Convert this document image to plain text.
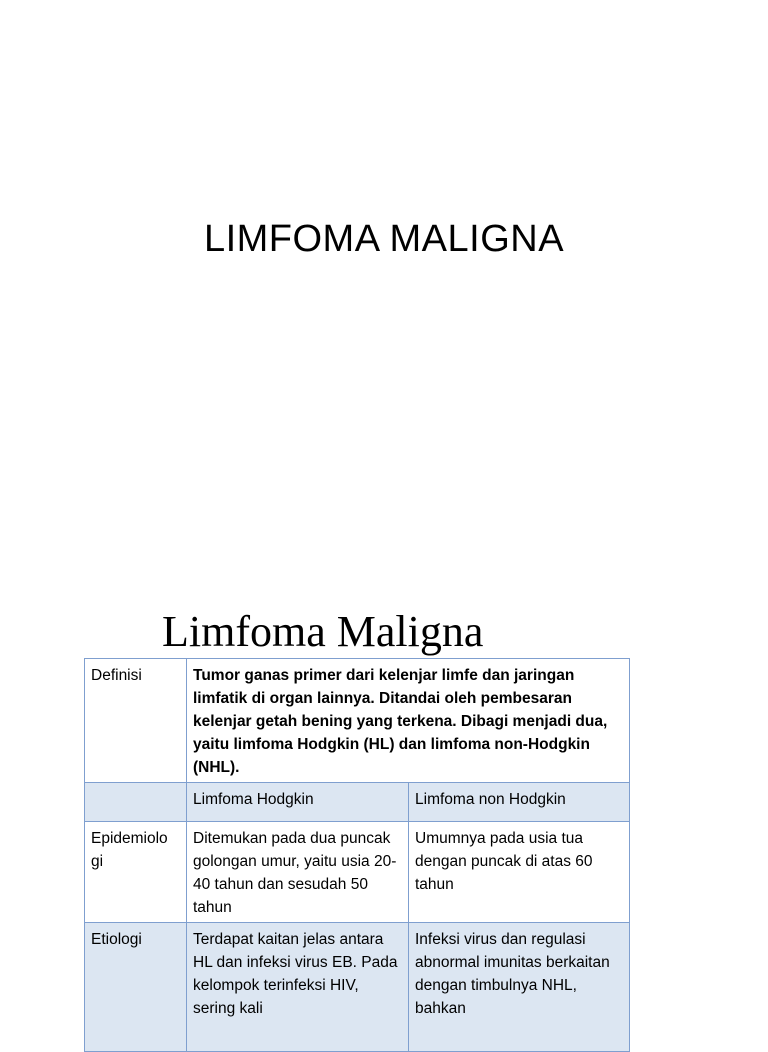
LIMFOMA MALIGNA
Limfoma Maligna
Definisi	Tumor ganas primer dari kelenjar limfe dan jaringan limfatik di organ lainnya. Ditandai oleh pembesaran kelenjar getah bening yang terkena. Dibagi menjadi dua, yaitu limfoma Hodgkin (HL) dan limfoma non-Hodgkin (NHL).	
	Limfoma Hodgkin	Limfoma non Hodgkin
Epidemiolo gi	Ditemukan pada dua puncak golongan umur, yaitu usia 20-40 tahun dan sesudah 50 tahun	Umumnya pada usia tua dengan puncak di atas 60 tahun
Etiologi	Terdapat kaitan jelas antara HL dan infeksi virus EB. Pada kelompok terinfeksi HIV, sering kali	Infeksi virus dan regulasi abnormal imunitas berkaitan dengan timbulnya NHL, bahkan
